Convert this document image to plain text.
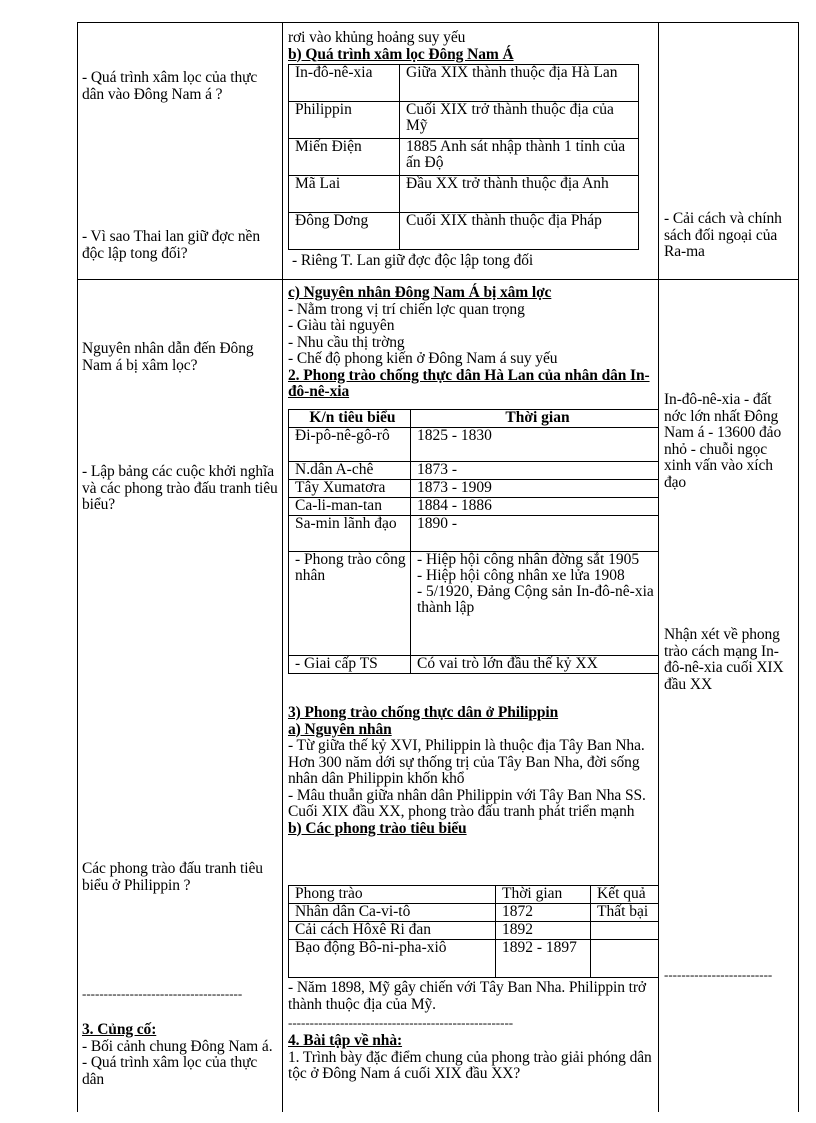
- Quá trình xâm lọc của thực dân vào Đông Nam á ?
- Vì sao Thai lan giữ đợc nền độc lập tong đối?
Nguyên nhân dẫn đến Đông Nam á bị xâm lọc?
- Lập bảng các cuộc khởi nghĩa và các phong trào đấu tranh tiêu biểu?
Các phong trào đấu tranh tiêu biểu ở Philippin ?
-------------------------------------

3. Củng cố:

- Bối cảnh chung Đông Nam á.

- Quá trình xâm lọc của thực dân

rơi vào khủng hoảng suy yếu

b) Quá trình xâm lọc Đông Nam Á

In-đô-nê-xia	Giữa XIX thành thuộc địa Hà Lan
Philippin	Cuối XIX trở thành thuộc địa của Mỹ
Miến Điện	1885 Anh sát nhập thành 1 tỉnh của ấn Độ
Mã Lai	Đầu XX trở thành thuộc địa Anh
Đông Dơng	Cuối XIX thành thuộc địa Pháp
- Riêng T. Lan giữ đợc độc lập tong đối

c) Nguyên nhân Đông Nam Á bị xâm lợc

- Nằm trong vị trí chiến lợc quan trọng

- Giàu tài nguyên

- Nhu cầu thị trờng

- Chế độ phong kiến ở Đông Nam á suy yếu

2. Phong trào chống thực dân Hà Lan của nhân dân In-đô-nê-xia

K/n tiêu biểu	Thời gian
Đi-pô-nê-gô-rô	1825 - 1830
N.dân A-chê	1873 -
Tây Xumatơra	1873 - 1909
Ca-li-man-tan	1884 - 1886
Sa-min lãnh đạo	1890 -
- Phong trào công nhân	- Hiệp hội công nhân đờng sắt 1905

- Hiệp hội công nhân xe lửa 1908

- 5/1920, Đảng Cộng sản In-đô-nê-xia thành lập

- Giai cấp TS	Có vai trò lớn đầu thế kỷ XX

3) Phong trào chống thực dân ở Philippin

a) Nguyên nhân

- Từ giữa thế kỷ XVI, Philippin là thuộc địa Tây Ban Nha. Hơn 300 năm dới sự thống trị của Tây Ban Nha, đời sống nhân dân Philippin khốn khổ

- Mâu thuẫn giữa nhân dân Philippin với Tây Ban Nha SS. Cuối XIX đầu XX, phong trào đấu tranh phát triển mạnh

b) Các phong trào tiêu biểu

Phong trào	Thời gian	Kết quả
Nhân dân Ca-vi-tô	1872	Thất bại
Cải cách Hôxê Ri đan	1892	
Bạo động Bô-ni-pha-xiô	1892 - 1897	
- Năm 1898, Mỹ gây chiến với Tây Ban Nha. Philippin trở thành thuộc địa của Mỹ.
----------------------------------------------------

4. Bài tập về nhà:

1. Trình bày đặc điểm chung của phong trào giải phóng dân tộc ở Đông Nam á cuối XIX đầu XX?

- Cải cách và chính sách đối ngoại của Ra-ma
In-đô-nê-xia - đất nớc lớn nhất Đông Nam á - 13600 đảo nhỏ - chuỗi ngọc xinh vấn vào xích đạo
Nhận xét về phong trào cách mạng In-đô-nê-xia cuối XIX đầu XX
-------------------------
